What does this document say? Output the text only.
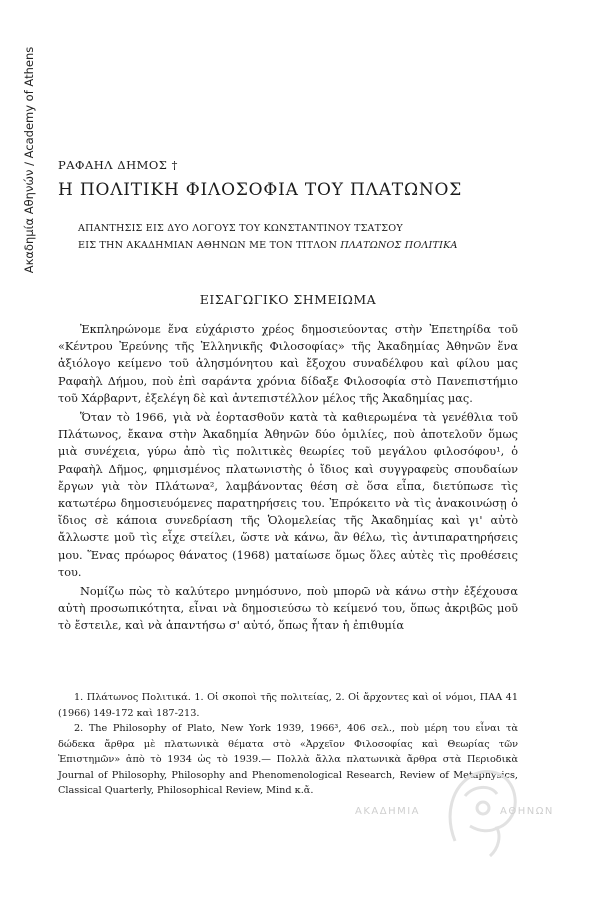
Ακαδημία Αθηνών / Academy of Athens ΡΑΦΑΗΛ ΔΗΜΟΣ †
Η ΠΟΛΙΤΙΚΗ ΦΙΛΟΣΟΦΙΑ ΤΟΥ ΠΛΑΤΩΝΟΣ
ΑΠΑΝΤΗΣΙΣ ΕΙΣ ΔΥΟ ΛΟΓΟΥΣ ΤΟΥ ΚΩΝΣΤΑΝΤΙΝΟΥ ΤΣΑΤΣΟΥ
ΕΙΣ ΤΗΝ ΑΚΑΔΗΜΙΑΝ ΑΘΗΝΩΝ ΜΕ ΤΟΝ ΤΙΤΛΟΝ ΠΛΑΤΩΝΟΣ ΠΟΛΙΤΙΚΑ
ΕΙΣΑΓΩΓΙΚΟ ΣΗΜΕΙΩΜΑ

Ἐκπληρώνομε ἕνα εὐχάριστο χρέος δημοσιεύοντας στὴν Ἐπετηρίδα τοῦ «Κέντρου Ἐρεύνης τῆς Ἑλληνικῆς Φιλοσοφίας» τῆς Ἀκαδημίας Ἀθηνῶν ἕνα ἀξιόλογο κείμενο τοῦ ἀλησμόνητου καὶ ἔξοχου συναδέλφου καὶ φίλου μας Ραφαὴλ Δήμου, ποὺ ἐπὶ σαράντα χρόνια δίδαξε Φιλοσοφία στὸ Πανεπιστήμιο τοῦ Χάρβαρντ, ἐξελέγη δὲ καὶ ἀντεπιστέλλον μέλος τῆς Ἀκαδημίας μας.

Ὅταν τὸ 1966, γιὰ νὰ ἑορτασθοῦν κατὰ τὰ καθιερωμένα τὰ γενέθλια τοῦ Πλάτωνος, ἔκανα στὴν Ἀκαδημία Ἀθηνῶν δύο ὁμιλίες, ποὺ ἀποτελοῦν ὅμως μιὰ συνέχεια, γύρω ἀπὸ τὶς πολιτικὲς θεωρίες τοῦ μεγάλου φιλοσόφου¹, ὁ Ραφαὴλ Δῆμος, φημισμένος πλατωνιστὴς ὁ ἴδιος καὶ συγγραφεὺς σπουδαίων ἔργων γιὰ τὸν Πλάτωνα², λαμβάνοντας θέση σὲ ὅσα εἶπα, διετύπωσε τὶς κατωτέρω δημοσιευόμενες παρατηρήσεις του. Ἐπρόκειτο νὰ τὶς ἀνακοινώσῃ ὁ ἴδιος σὲ κάποια συνεδρίαση τῆς Ὁλομελείας τῆς Ἀκαδημίας καὶ γι' αὐτὸ ἄλλωστε μοῦ τὶς εἶχε στείλει, ὥστε νὰ κάνω, ἂν θέλω, τὶς ἀντιπαρατηρήσεις μου. Ἕνας πρόωρος θάνατος (1968) ματαίωσε ὅμως ὅλες αὐτὲς τὶς προθέσεις του.

Νομίζω πὼς τὸ καλύτερο μνημόσυνο, ποὺ μπορῶ νὰ κάνω στὴν ἐξέχουσα αὐτὴ προσωπικότητα, εἶναι νὰ δημοσιεύσω τὸ κείμενό του, ὅπως ἀκριβῶς μοῦ τὸ ἔστειλε, καὶ νὰ ἀπαντήσω σ' αὐτό, ὅπως ἦταν ἡ ἐπιθυμία

1. Πλάτωνος Πολιτικά. 1. Οἱ σκοποὶ τῆς πολιτείας, 2. Οἱ ἄρχοντες καὶ οἱ νόμοι, ΠΑΑ 41 (1966) 149-172 καὶ 187-213.

2. The Philosophy of Plato, New York 1939, 1966³, 406 σελ., ποὺ μέρη του εἶναι τὰ δώδεκα ἄρθρα μὲ πλατωνικὰ θέματα στὸ «Ἀρχεῖον Φιλοσοφίας καὶ Θεωρίας τῶν Ἐπιστημῶν» ἀπὸ τὸ 1934 ὡς τὸ 1939.— Πολλὰ ἄλλα πλατωνικὰ ἄρθρα στὰ Περιοδικὰ Journal of Philosophy, Philosophy and Phenomenological Research, Review of Metaphysics, Classical Quarterly, Philosophical Review, Mind κ.ἄ.

ΑΚΑΔΗΜΙΑ	ΑΘΗΝΩΝ
